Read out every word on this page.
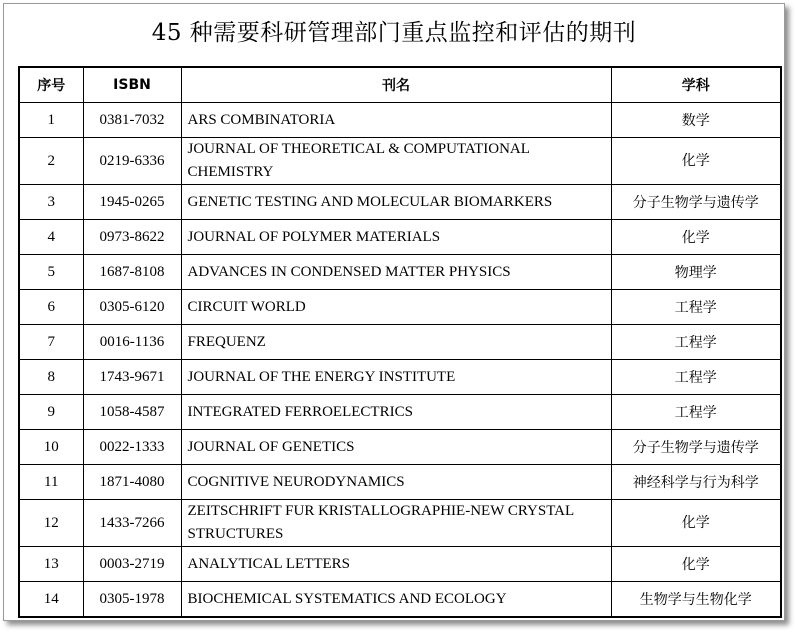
45 种需要科研管理部门重点监控和评估的期刊
序号	ISBN	刊名	学科
1	0381-7032	ARS COMBINATORIA	数学
2	0219-6336	JOURNAL OF THEORETICAL & COMPUTATIONAL CHEMISTRY	化学
3	1945-0265	GENETIC TESTING AND MOLECULAR BIOMARKERS	分子生物学与遗传学
4	0973-8622	JOURNAL OF POLYMER MATERIALS	化学
5	1687-8108	ADVANCES IN CONDENSED MATTER PHYSICS	物理学
6	0305-6120	CIRCUIT WORLD	工程学
7	0016-1136	FREQUENZ	工程学
8	1743-9671	JOURNAL OF THE ENERGY INSTITUTE	工程学
9	1058-4587	INTEGRATED FERROELECTRICS	工程学
10	0022-1333	JOURNAL OF GENETICS	分子生物学与遗传学
11	1871-4080	COGNITIVE NEURODYNAMICS	神经科学与行为科学
12	1433-7266	ZEITSCHRIFT FUR KRISTALLOGRAPHIE-NEW CRYSTAL STRUCTURES	化学
13	0003-2719	ANALYTICAL LETTERS	化学
14	0305-1978	BIOCHEMICAL SYSTEMATICS AND ECOLOGY	生物学与生物化学
